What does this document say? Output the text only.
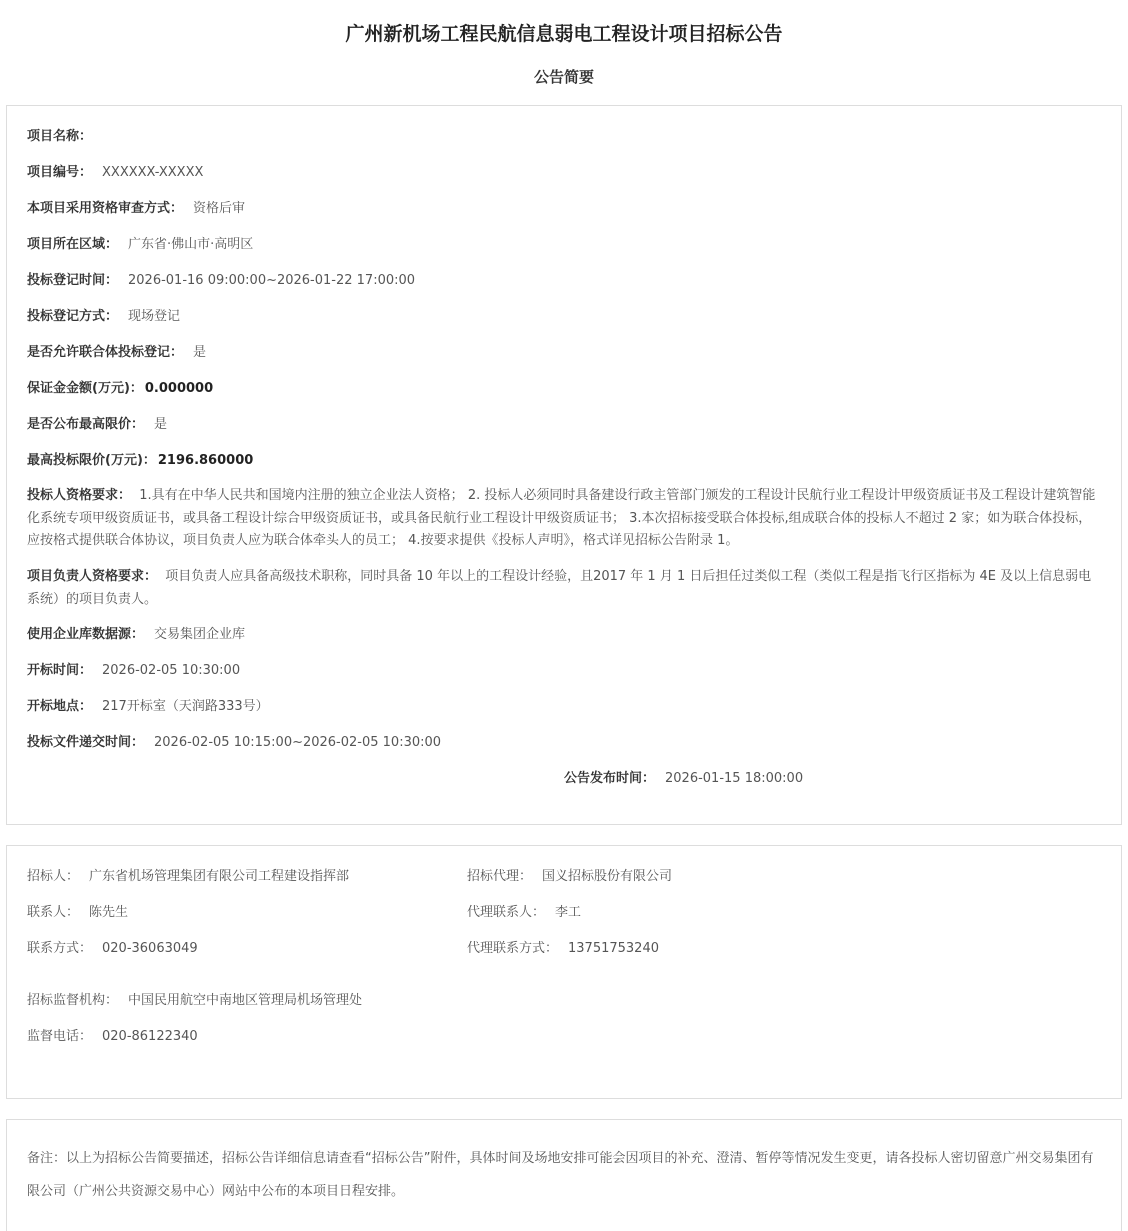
广州新机场工程民航信息弱电工程设计项目招标公告
公告简要
项目名称：
项目编号： XXXXXX-XXXXX
本项目采用资格审查方式： 资格后审
项目所在区域： 广东省·佛山市·高明区
投标登记时间： 2026-01-16 09:00:00~2026-01-22 17:00:00
投标登记方式： 现场登记
是否允许联合体投标登记： 是
保证金金额(万元)： 0.000000
是否公布最高限价： 是
最高投标限价(万元)： 2196.860000
投标人资格要求： 1.具有在中华人民共和国境内注册的独立企业法人资格； 2. 投标人必须同时具备建设行政主管部门颁发的工程设计民航行业工程设计甲级资质证书及工程设计建筑智能化系统专项甲级资质证书，或具备工程设计综合甲级资质证书，或具备民航行业工程设计甲级资质证书； 3.本次招标接受联合体投标,组成联合体的投标人不超过 2 家；如为联合体投标，应按格式提供联合体协议，项目负责人应为联合体牵头人的员工； 4.按要求提供《投标人声明》，格式详见招标公告附录 1。
项目负责人资格要求： 项目负责人应具备高级技术职称，同时具备 10 年以上的工程设计经验，且2017 年 1 月 1 日后担任过类似工程（类似工程是指飞行区指标为 4E 及以上信息弱电系统）的项目负责人。
使用企业库数据源： 交易集团企业库
开标时间： 2026-02-05 10:30:00
开标地点： 217开标室（天润路333号）
投标文件递交时间： 2026-02-05 10:15:00~2026-02-05 10:30:00
公告发布时间： 2026-01-15 18:00:00
招标人： 广东省机场管理集团有限公司工程建设指挥部	招标代理： 国义招标股份有限公司
联系人： 陈先生	代理联系人： 李工
联系方式： 020-36063049	代理联系方式： 13751753240
招标监督机构： 中国民用航空中南地区管理局机场管理处
监督电话： 020-86122340
备注：以上为招标公告简要描述，招标公告详细信息请查看“招标公告”附件，具体时间及场地安排可能会因项目的补充、澄清、暂停等情况发生变更，请各投标人密切留意广州交易集团有限公司（广州公共资源交易中心）网站中公布的本项目日程安排。
